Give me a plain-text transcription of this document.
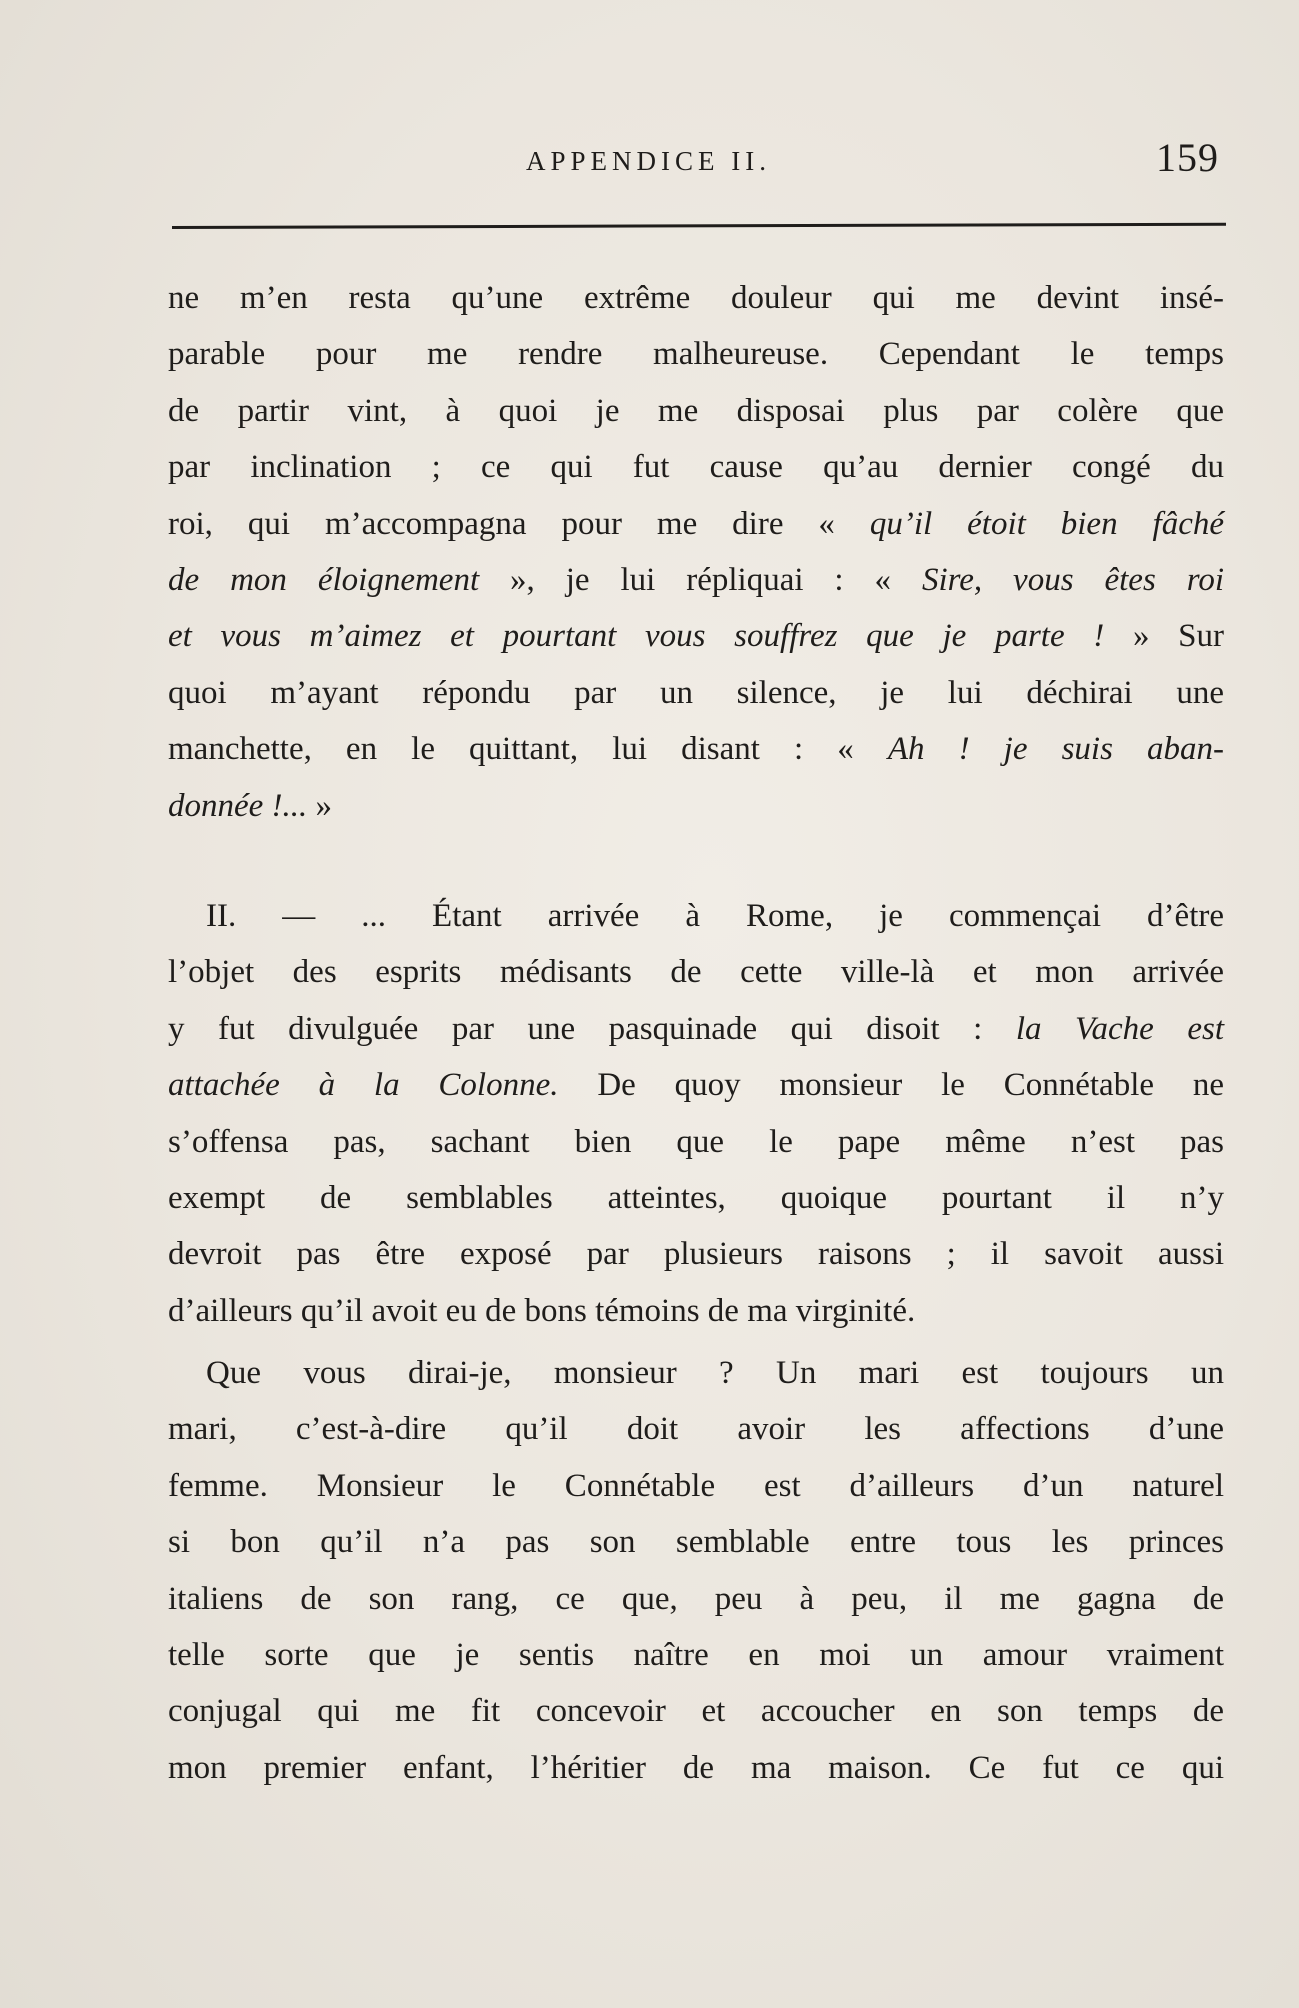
APPENDICE II.	159
ne m’en resta qu’une extrême douleur qui me devint insé-
parable pour me rendre malheureuse. Cependant le temps
de partir vint, à quoi je me disposai plus par colère que
par inclination ; ce qui fut cause qu’au dernier congé du
roi, qui m’accompagna pour me dire « qu’il étoit bien fâché
de mon éloignement », je lui répliquai : « Sire, vous êtes roi
et vous m’aimez et pourtant vous souffrez que je parte ! » Sur
quoi m’ayant répondu par un silence, je lui déchirai une
manchette, en le quittant, lui disant : « Ah ! je suis aban-
donnée !... »
II. — ... Étant arrivée à Rome, je commençai d’être
l’objet des esprits médisants de cette ville-là et mon arrivée
y fut divulguée par une pasquinade qui disoit : la Vache est
attachée à la Colonne. De quoy monsieur le Connétable ne
s’offensa pas, sachant bien que le pape même n’est pas
exempt de semblables atteintes, quoique pourtant il n’y
devroit pas être exposé par plusieurs raisons ; il savoit aussi
d’ailleurs qu’il avoit eu de bons témoins de ma virginité.
Que vous dirai-je, monsieur ? Un mari est toujours un
mari, c’est-à-dire qu’il doit avoir les affections d’une
femme. Monsieur le Connétable est d’ailleurs d’un naturel
si bon qu’il n’a pas son semblable entre tous les princes
italiens de son rang, ce que, peu à peu, il me gagna de
telle sorte que je sentis naître en moi un amour vraiment
conjugal qui me fit concevoir et accoucher en son temps de
mon premier enfant, l’héritier de ma maison. Ce fut ce qui
